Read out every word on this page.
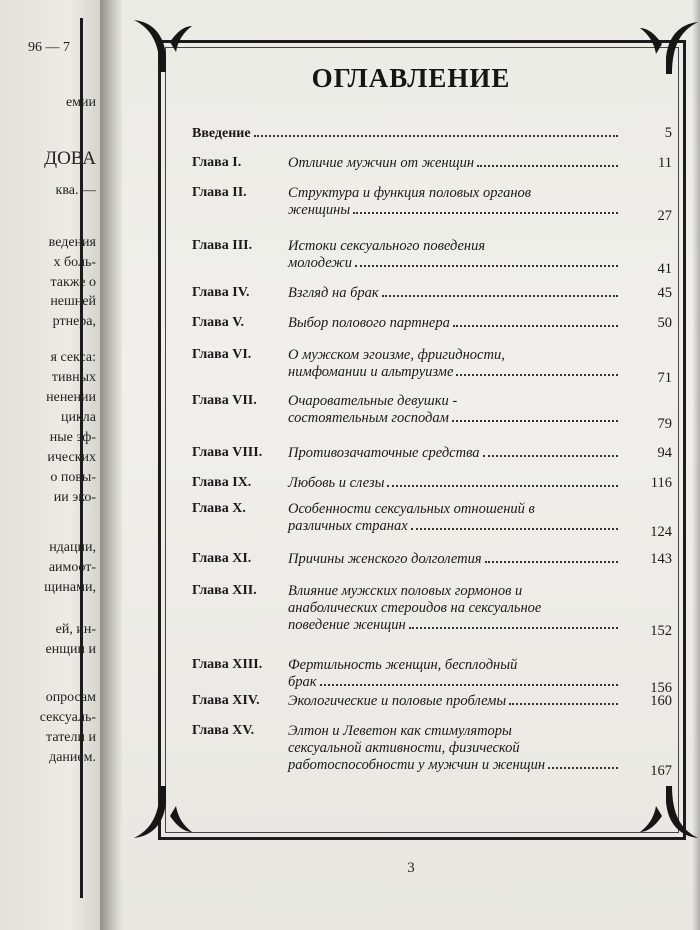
96 — 7
емии
ДОВА
ква. —
ведения
х боль-
также о
нешней
ртнера,
я секса:
тивных
ненении
цикла
ные эф-
ических
о повы-
ии эко-
ндации,
аимоот-
щинами,
ей, ин-
енщин и
опросам
сексуаль-
татели и
данием.
ОГЛАВЛЕНИЕ
Введение	5
Глава I.	Отличие мужчин от женщин	11
Глава II.	Структура и функция половых органов
женщины	27
Глава III. Истоки сексуального поведения
молодежи	41
Глава IV.	Взгляд на брак	45
Глава V.	Выбор полового партнера	50
Глава VI.	О мужском эгоизме, фригидности,
нимфомании и альтруизме	71
Глава VII. Очаровательные девушки -
состоятельным господам	79
Глава VIII. Противозачаточные средства	94
Глава IX.	Любовь и слезы	116
Глава X.	Особенности сексуальных отношений в
различных странах	124
Глава XI.	Причины женского долголетия	143
Глава XII. Влияние мужских половых гормонов и
анаболических стероидов на сексуальное
поведение женщин	152
Глава XIII. Фертильность женщин, бесплодный
брак	156
Глава XIV. Экологические и половые проблемы	160
Глава XV. Элтон и Леветон как стимуляторы
сексуальной активности, физической
работоспособности у мужчин и женщин	167
3
